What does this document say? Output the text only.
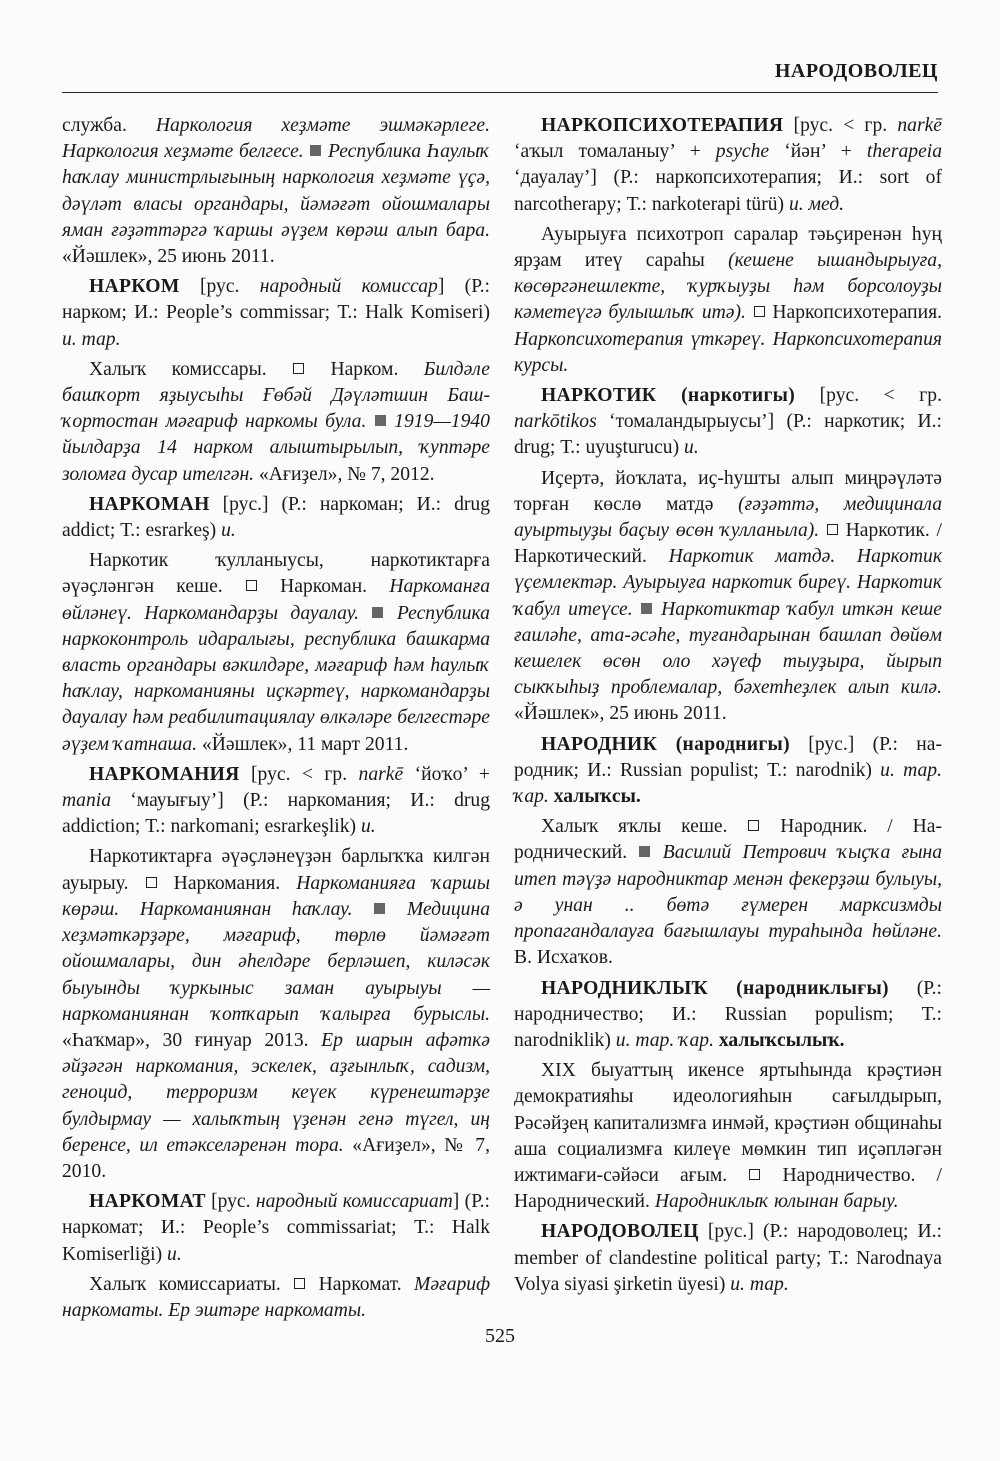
НАРОДОВОЛЕЦ

служба. Наркология хеҙмәте эшмәкәрлеге. Наркология хеҙмәте белгесе. Республика Һаулыҡ һаҡлау министрлығының наркология хеҙмәте үҫә, дәүләт власы органдары, йәмәғәт ойошмалары яман ғәҙәттәргә ҡаршы әүҙем көрәш алып бара. «Йәшлек», 25 июнь 2011.

НАРКОМ [рус. народный комиссар] (Р.: нарком; И.: People’s commissar; Т.: Halk Komiseri) и. тар.

Халыҡ комиссары.  Нарком. Билдәле башҡорт яҙыусыһы Ғөбәй Дәүләтшин Башҡортостан мәғариф наркомы була.  1919—1940 йылдарҙа 14 нарком алыштырылып, ҡуптәре золомға дусар ителгән. «Ағиҙел», № 7, 2012.

НАРКОМАН [рус.] (Р.: наркоман; И.: drug addict; Т.: esrarkeş) и.

Наркотик ҡулланыусы, наркотиктарға әүәҫләнгән кеше.  Наркоман. Наркоманға өйләнеү. Наркомандарҙы дауалау. Республика наркоконтроль идаралығы, республика башкарма власть органдары вәкилдәре, мәғариф һәм һаулыҡ һаҡлау, наркоманияны иҫкәртеү, наркомандарҙы дауалау һәм реабилитациялау өлкәләре белгестәре әүҙем ҡатнаша. «Йәшлек», 11 март 2011.

НАРКОМАНИЯ [рус. < гр. narkē ‘йоҡо’ + mania ‘мауығыу’] (Р.: наркомания; И.: drug addiction; Т.: narkomani; esrarkeşlik) и.

Наркотиктарға әүәҫләнеүҙән барлыҡҡа килгән ауырыу.  Наркомания. Наркоманияға ҡаршы көрәш. Наркоманиянан һаҡлау.	Медицина хеҙмәткәрҙәре, мәғариф, төрлө йәмәғәт ойошмалары, дин әһелдәре берләшеп, киләсәк быуынды ҡуркыныс заман ауырыуы — наркоманиянан ҡотҡарып ҡалырға бурыслы. «Һаҡмар», 30 ғинуар 2013. Ер шарын афәткә әйҙәгән наркомания, эскелек, аҙғынлыҡ, садизм, геноцид, терроризм кеүек күренештәрҙе булдырмау — халыҡтың үҙенән генә түгел, иң беренсе, ил етәкселәренән тора. «Ағиҙел», № 7, 2010.

НАРКОМАТ [рус. народный комиссариат] (Р.: наркомат; И.: People’s commissariat; Т.: Halk Komiserliği) и.

Халыҡ комиссариаты.  Наркомат. Мәғариф наркоматы. Ер эштәре наркоматы.

НАРКОПСИХОТЕРАПИЯ [рус. < гр. narkē ‘аҡыл томаланыу’ + psyche ‘йән’ + therapeia ‘дауалау’] (Р.: наркопсихотерапия; И.: sort of narcotherapy; Т.: narkoterapi türü) и. мед.

Ауырыуға психотроп саралар тәьҫиренән һуң ярҙам итеү сараһы (кешене ышандырыуға, көсөргәнешлекте, ҡурҡыуҙы һәм борсолоуҙы кәметеүгә булышлыҡ итә).  Наркопсихотерапия. Наркопсихотерапия үткәреү. Наркопсихотерапия курсы.

НАРКОТИК (наркотигы) [рус. < гр. narkōtikos ‘томаландырыусы’] (Р.: наркотик; И.: drug; Т.: uyuşturucu) и.

Иҫертә, йоҡлата, иҫ-һушты алып миңрәүләтә торған көслө матдә (ғәҙәттә, медицинала ауыртыуҙы баҫыу өсөн ҡулланыла).  Наркотик. / Наркотический. Наркотик матдә. Наркотик үҫемлектәр. Ауырыуға наркотик биреү. Наркотик ҡабул итеүсе. Наркотиктар ҡабул иткән кеше ғаиләһе, ата-әсәһе, туғандарынан башлап дөйөм кешелек өсөн оло хәүеф тыуҙыра, йырып сыкҡыһыҙ проблемалар, бәхетһеҙлек алып килә. «Йәшлек», 25 июнь 2011.

НАРОДНИК (народнигы) [рус.] (Р.: народник; И.: Russian populist; Т.: narodnik) и. тар. ҡар. халыҡсы.

Халыҡ яҡлы кеше.  Народник. / Народнический.  Василий Петрович ҡыҫҡа ғына итеп тәүҙә народниктар менән фекерҙәш булыуы, ә унан .. бөтә ғүмерен марксизмды пропагандалауға бағышлауы тураһында һөйләне. В. Исхаҡов.

НАРОДНИКЛЫҠ (народниклығы) (Р.: народничество; И.: Russian populism; Т.: narodniklik) и. тар. ҡар. халыҡсылыҡ.

XIX быуаттың икенсе яртыһында крәҫтиән демократияһы идеологияһын сағылдырып, Рәсәйҙең капитализмға инмәй, крәҫтиән общинаһы аша социализмға килеүе мөмкин тип иҫәпләгән ижтимағи-сәйәси ағым.  Народничество. / Народнический. Народниклыҡ юлынан барыу.

НАРОДОВОЛЕЦ [рус.] (Р.: народоволец; И.: member of clandestine political party; Т.: Narodnaya Volya siyasi şirketin üyesi) и. тар.

525
